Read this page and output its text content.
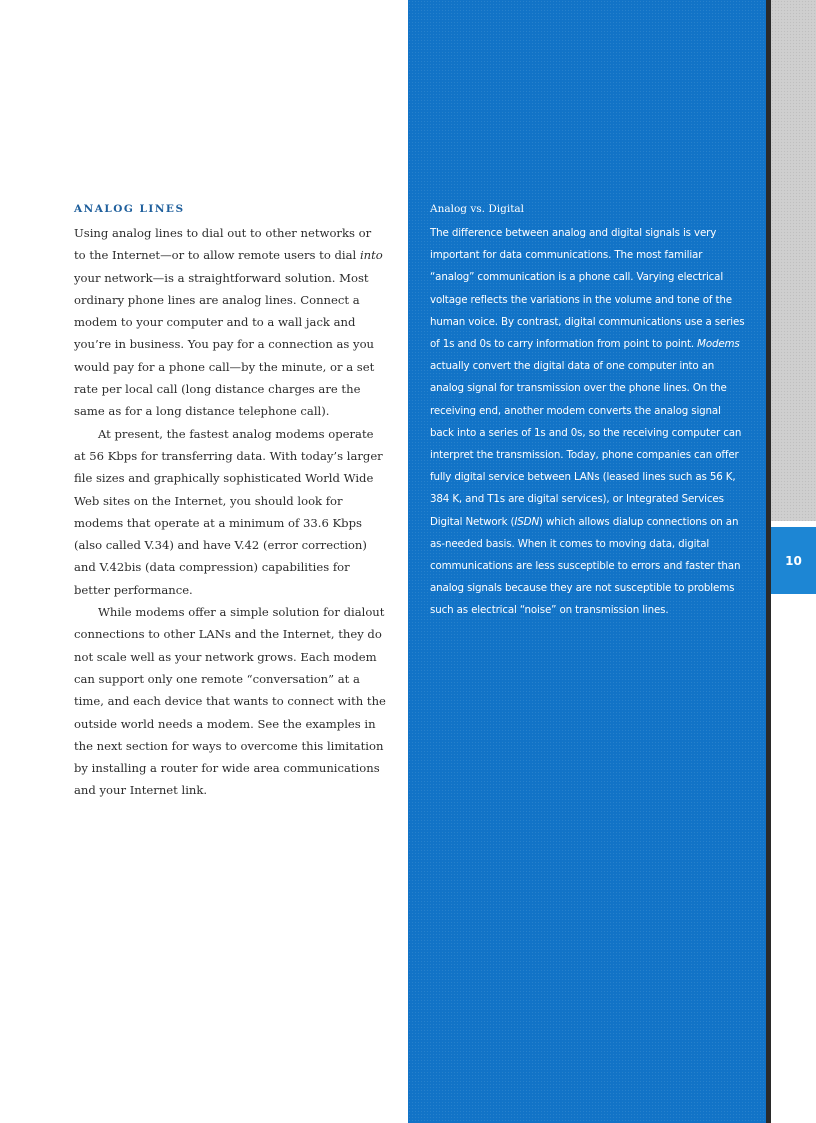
ANALOG LINES

Using analog lines to dial out to other networks or to the Internet—or to allow remote users to dial into your network—is a straightforward solution. Most ordinary phone lines are analog lines. Connect a modem to your computer and to a wall jack and you’re in business. You pay for a connection as you would pay for a phone call—by the minute, or a set rate per local call (long distance charges are the same as for a long distance telephone call).

At present, the fastest analog modems operate at 56 Kbps for transferring data. With today’s larger file sizes and graphically sophisticated World Wide Web sites on the Internet, you should look for modems that operate at a minimum of 33.6 Kbps (also called V.34) and have V.42 (error correction) and V.42bis (data compression) capabilities for better performance.

While modems offer a simple solution for dialout connections to other LANs and the Internet, they do not scale well as your network grows. Each modem can support only one remote “conversation” at a time, and each device that wants to connect with the outside world needs a modem. See the examples in the next section for ways to overcome this limitation by installing a router for wide area communications and your Internet link.

Analog vs. Digital

The difference between analog and digital signals is very important for data communications. The most familiar “analog” communication is a phone call. Varying electrical voltage reflects the variations in the volume and tone of the human voice. By contrast, digital communications use a series of 1s and 0s to carry information from point to point. Modems actually convert the digital data of one computer into an analog signal for transmission over the phone lines. On the receiving end, another modem converts the analog signal back into a series of 1s and 0s, so the receiving computer can interpret the transmission. Today, phone companies can offer fully digital service between LANs (leased lines such as 56 K, 384 K, and T1s are digital services), or Integrated Services Digital Network (ISDN) which allows dialup connections on an as-needed basis. When it comes to moving data, digital communications are less susceptible to errors and faster than analog signals because they are not susceptible to problems such as electrical “noise” on transmission lines.

10
